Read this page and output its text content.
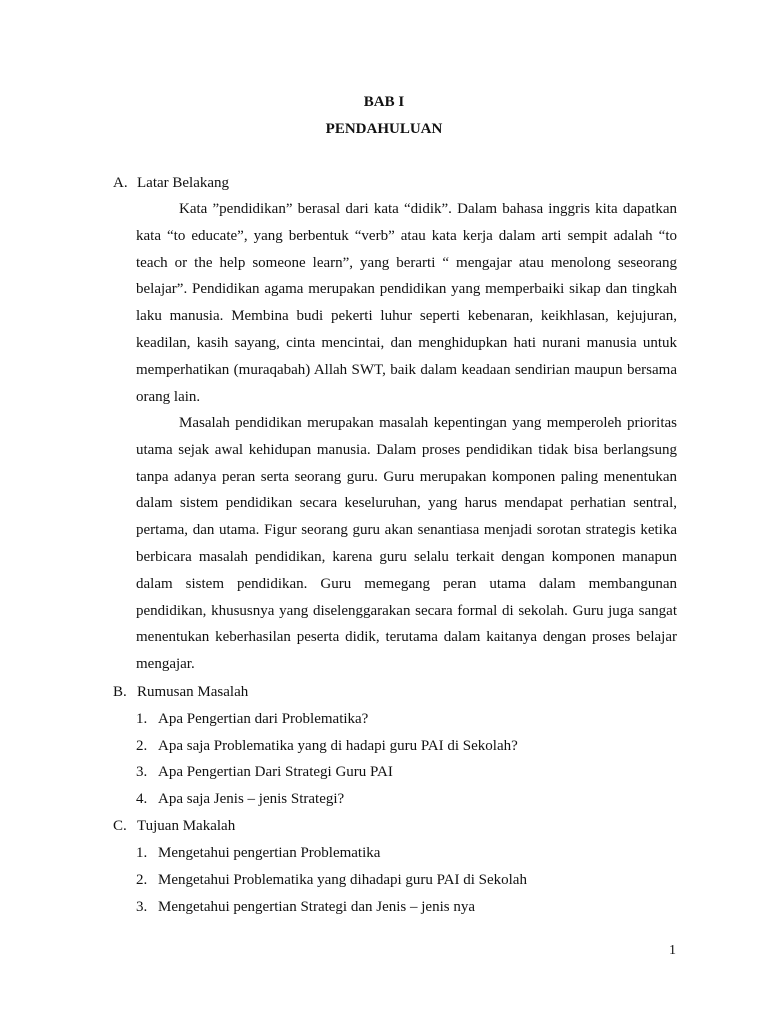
BAB I
PENDAHULUAN
A. Latar Belakang

Kata ”pendidikan” berasal dari kata “didik”. Dalam bahasa inggris kita dapatkan kata “to educate”, yang berbentuk “verb” atau kata kerja dalam arti sempit adalah “to teach or the help someone learn”, yang berarti “ mengajar atau menolong seseorang belajar”. Pendidikan agama merupakan pendidikan yang memperbaiki sikap dan tingkah laku manusia. Membina budi pekerti luhur seperti kebenaran, keikhlasan, kejujuran, keadilan, kasih sayang, cinta mencintai, dan menghidupkan hati nurani manusia untuk memperhatikan (muraqabah) Allah SWT, baik dalam keadaan sendirian maupun bersama orang lain.

Masalah pendidikan merupakan masalah kepentingan yang memperoleh prioritas utama sejak awal kehidupan manusia. Dalam proses pendidikan tidak bisa berlangsung tanpa adanya peran serta seorang guru. Guru merupakan komponen paling menentukan dalam sistem pendidikan secara keseluruhan, yang harus mendapat perhatian sentral, pertama, dan utama. Figur seorang guru akan senantiasa menjadi sorotan strategis ketika berbicara masalah pendidikan, karena guru selalu terkait dengan komponen manapun dalam sistem pendidikan. Guru memegang peran utama dalam membangunan pendidikan, khususnya yang diselenggarakan secara formal di sekolah. Guru juga sangat menentukan keberhasilan peserta didik, terutama dalam kaitanya dengan proses belajar mengajar.

B. Rumusan Masalah
1. Apa Pengertian dari Problematika?
2. Apa saja Problematika yang di hadapi guru PAI di Sekolah?
3. Apa Pengertian Dari Strategi Guru PAI
4. Apa saja Jenis – jenis Strategi?
C. Tujuan Makalah
1. Mengetahui pengertian Problematika
2. Mengetahui Problematika yang dihadapi guru PAI di Sekolah
3. Mengetahui pengertian Strategi dan Jenis – jenis nya
1
